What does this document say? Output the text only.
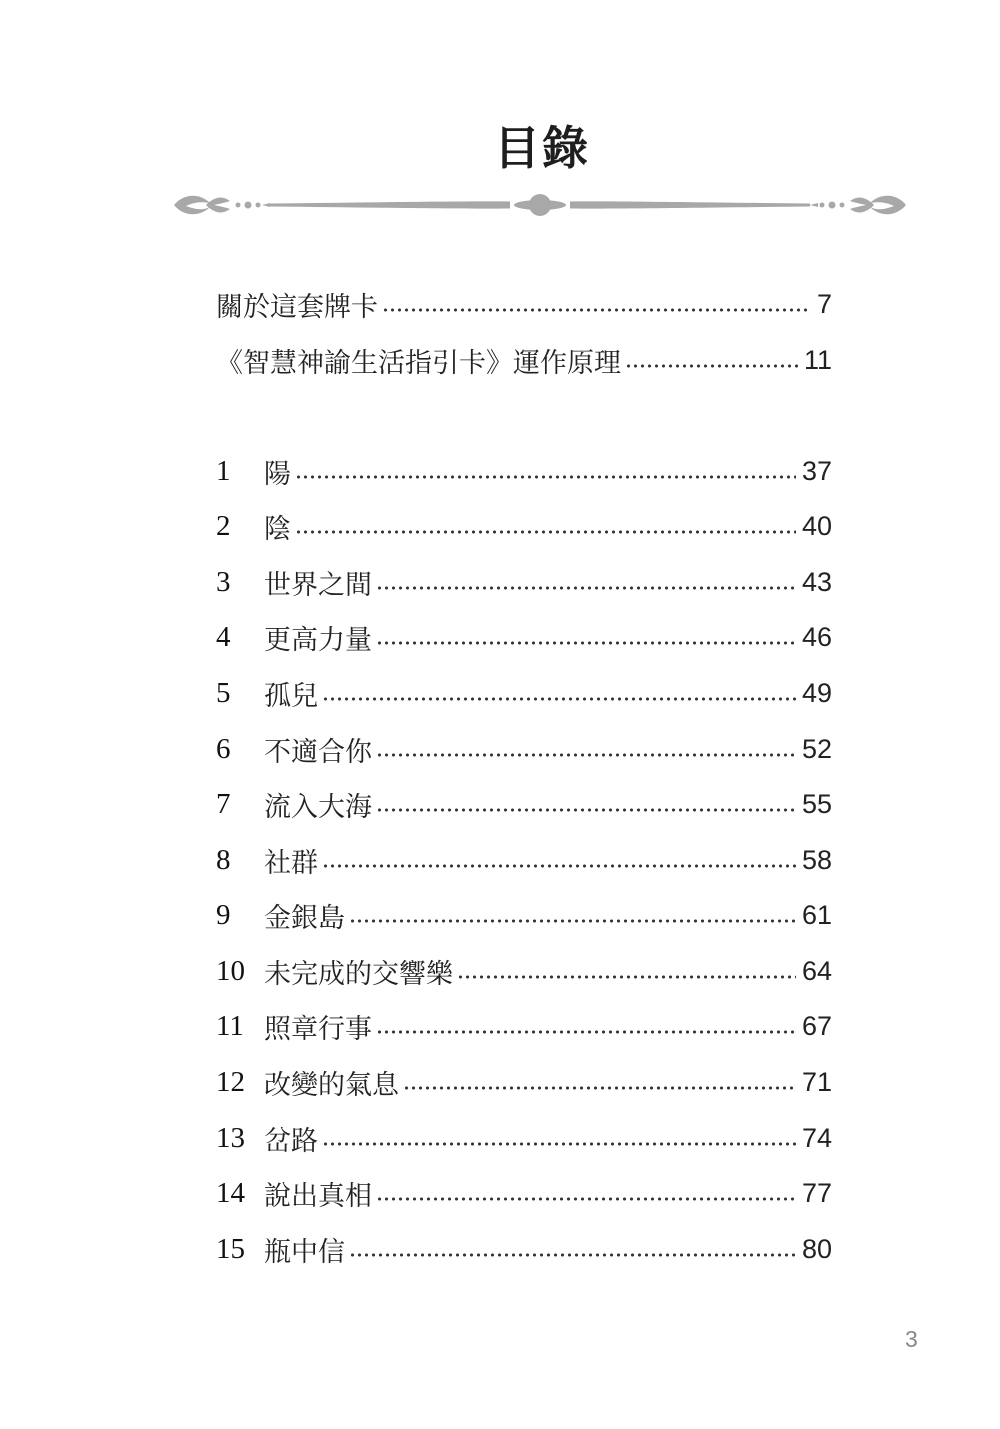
目錄
關於這套牌卡	7
《智慧神諭生活指引卡》運作原理	11
1	陽	37
2	陰	40
3	世界之間	43
4	更高力量	46
5	孤兒	49
6	不適合你	52
7	流入大海	55
8	社群	58
9	金銀島	61
10 未完成的交響樂	64
11 照章行事	67
12 改變的氣息	71
13 岔路	74
14 說出真相	77
15 瓶中信	80
3
